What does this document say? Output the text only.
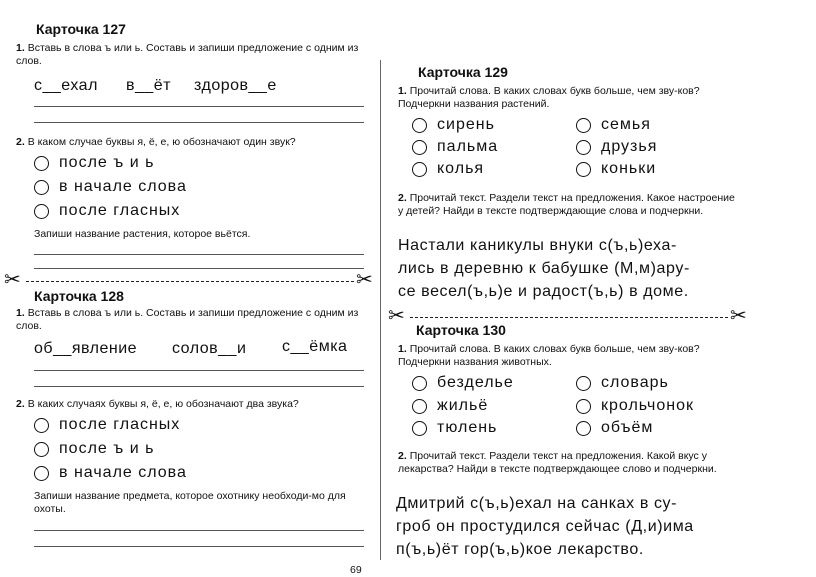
Карточка 127
1. Вставь в слова ъ или ь. Составь и запиши предложение с одним из слов.
с__ехал в__ёт здоров__е
2. В каком случае буквы я, ё, е, ю обозначают один звук?
после ъ и ь
в начале слова
после гласных
Запиши название растения, которое вьётся.
✂	✂
Карточка 128
1. Вставь в слова ъ или ь. Составь и запиши предложение с одним из слов.
об__явление солов__и с__ёмка
2. В каких случаях буквы я, ё, е, ю обозначают два звука?
после гласных
после ъ и ь
в начале слова
Запиши название предмета, которое охотнику необходи-мо для охоты.
69
Карточка 129
1. Прочитай слова. В каких словах букв больше, чем зву-ков? Подчеркни названия растений.
сирень
пальма
колья
семья
друзья
коньки
2. Прочитай текст. Раздели текст на предложения. Какое настроение у детей? Найди в тексте подтверждающие слова и подчеркни.
Настали каникулы внуки с(ъ,ь)еха-
лись в деревню к бабушке (М,м)ару-
се весел(ъ,ь)е и радост(ъ,ь) в доме.
✂	✂
Карточка 130
1. Прочитай слова. В каких словах букв больше, чем зву-ков? Подчеркни названия животных.
безделье
жильё
тюлень
словарь
крольчонок
объём
2. Прочитай текст. Раздели текст на предложения. Какой вкус у лекарства? Найди в тексте подтверждающее слово и подчеркни.
Дмитрий с(ъ,ь)ехал на санках в су-
гроб он простудился сейчас (Д,и)има
п(ъ,ь)ёт гор(ъ,ь)кое лекарство.
